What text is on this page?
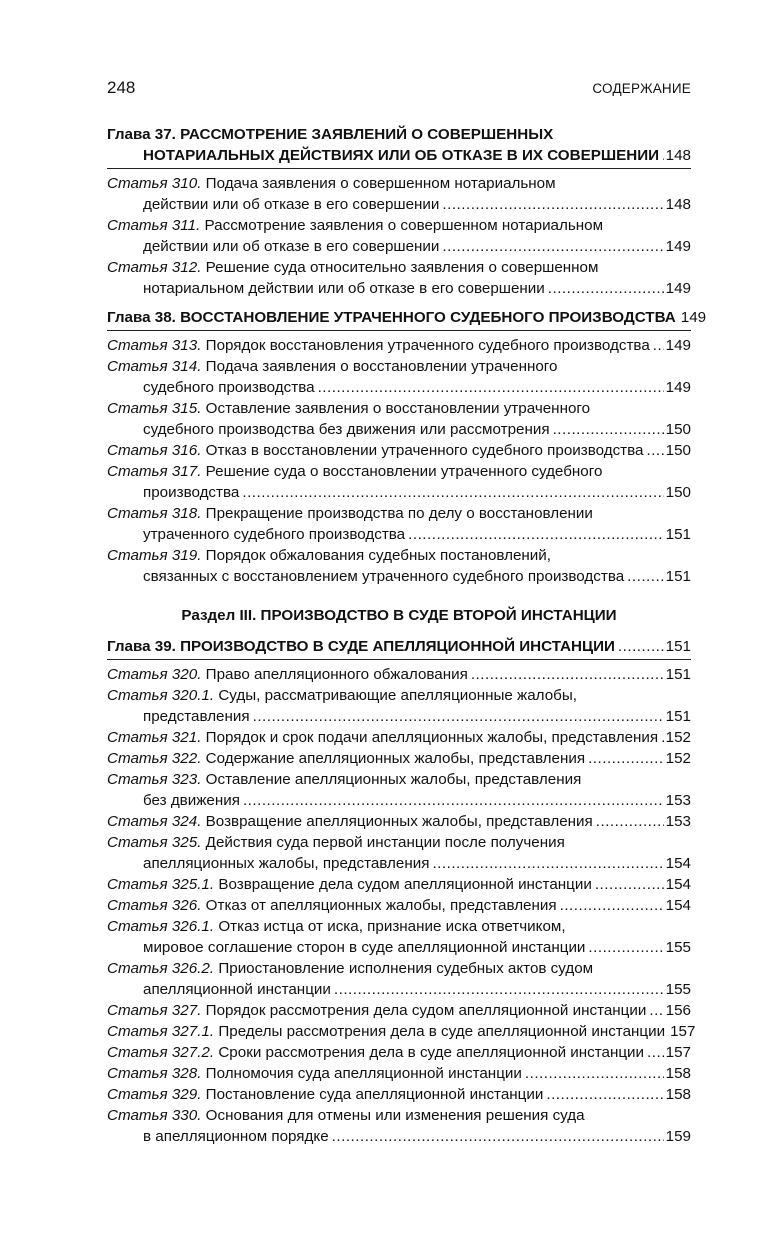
248	СОДЕРЖАНИЕ
Глава 37. РАССМОТРЕНИЕ ЗАЯВЛЕНИЙ О СОВЕРШЕННЫХ
НОТАРИАЛЬНЫХ ДЕЙСТВИЯХ ИЛИ ОБ ОТКАЗЕ В ИХ СОВЕРШЕНИИ ..... 148
Статья 310. Подача заявления о совершенном нотариальном
действии или об отказе в его совершении .....	148
Статья 311. Рассмотрение заявления о совершенном нотариальном
действии или об отказе в его совершении .....	149
Статья 312. Решение суда относительно заявления о совершенном
нотариальном действии или об отказе в его совершении .....	149
Глава 38. ВОССТАНОВЛЕНИЕ УТРАЧЕННОГО СУДЕБНОГО ПРОИЗВОДСТВА 149
Статья 313. Порядок восстановления утраченного судебного производства ..... 149
Статья 314. Подача заявления о восстановлении утраченного
судебного производства .....	149
Статья 315. Оставление заявления о восстановлении утраченного
судебного производства без движения или рассмотрения .....	150
Статья 316. Отказ в восстановлении утраченного судебного производства ..... 150
Статья 317. Решение суда о восстановлении утраченного судебного
производства .....	150
Статья 318. Прекращение производства по делу о восстановлении
утраченного судебного производства .....	151
Статья 319. Порядок обжалования судебных постановлений,
связанных с восстановлением утраченного судебного производства .....	151
Раздел III. ПРОИЗВОДСТВО В СУДЕ ВТОРОЙ ИНСТАНЦИИ
Глава 39. ПРОИЗВОДСТВО В СУДЕ АПЕЛЛЯЦИОННОЙ ИНСТАНЦИИ .....	151
Статья 320. Право апелляционного обжалования .....	151
Статья 320.1. Суды, рассматривающие апелляционные жалобы,
представления .....	151
Статья 321. Порядок и срок подачи апелляционных жалобы, представления ..... 152
Статья 322. Содержание апелляционных жалобы, представления .....	152
Статья 323. Оставление апелляционных жалобы, представления
без движения .....	153
Статья 324. Возвращение апелляционных жалобы, представления .....	153
Статья 325. Действия суда первой инстанции после получения
апелляционных жалобы, представления .....	154
Статья 325.1. Возвращение дела судом апелляционной инстанции .....	154
Статья 326. Отказ от апелляционных жалобы, представления .....	154
Статья 326.1. Отказ истца от иска, признание иска ответчиком,
мировое соглашение сторон в суде апелляционной инстанции .....	155
Статья 326.2. Приостановление исполнения судебных актов судом
апелляционной инстанции .....	155
Статья 327. Порядок рассмотрения дела судом апелляционной инстанции ..... 156
Статья 327.1. Пределы рассмотрения дела в суде апелляционной инстанции 157
Статья 327.2. Сроки рассмотрения дела в суде апелляционной инстанции ..... 157
Статья 328. Полномочия суда апелляционной инстанции .....	158
Статья 329. Постановление суда апелляционной инстанции .....	158
Статья 330. Основания для отмены или изменения решения суда
в апелляционном порядке .....	159
